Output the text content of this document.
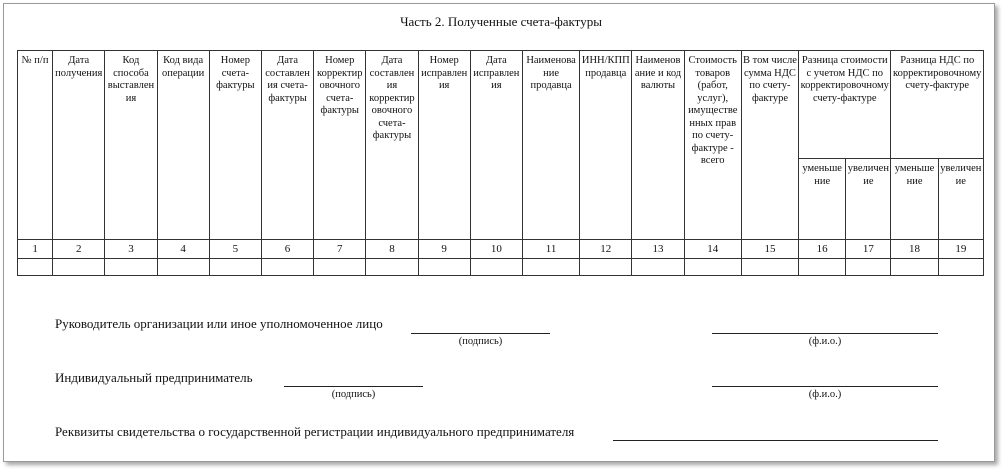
Часть 2. Полученные счета-фактуры
№ п/п	Дата получения	Код способа выставления	Код вида операции	Номер счета-фактуры	Дата составления счета-фактуры	Номер корректировочного счета-фактуры	Дата составления корректировочного счета-фактуры	Номер исправления	Дата исправления	Наименование продавца	ИНН/КПП продавца	Наименование и код валюты	Стоимость товаров (работ, услуг), имущественных прав по счету-фактуре - всего	В том числе сумма НДС по счету-фактуре	Разница стоимости с учетом НДС по корректировочному счету-фактуре		Разница НДС по корректировочному счету-фактуре	
															уменьшение	увеличение	уменьшение	увеличение
1	2	3	4	5	6	7	8	9	10	11	12	13	14	15	16	17	18	19

Руководитель организации или иное уполномоченное лицо
(подпись)	(ф.и.о.)
Индивидуальный предприниматель
(подпись)	(ф.и.о.)
Реквизиты свидетельства о государственной регистрации индивидуального предпринимателя
